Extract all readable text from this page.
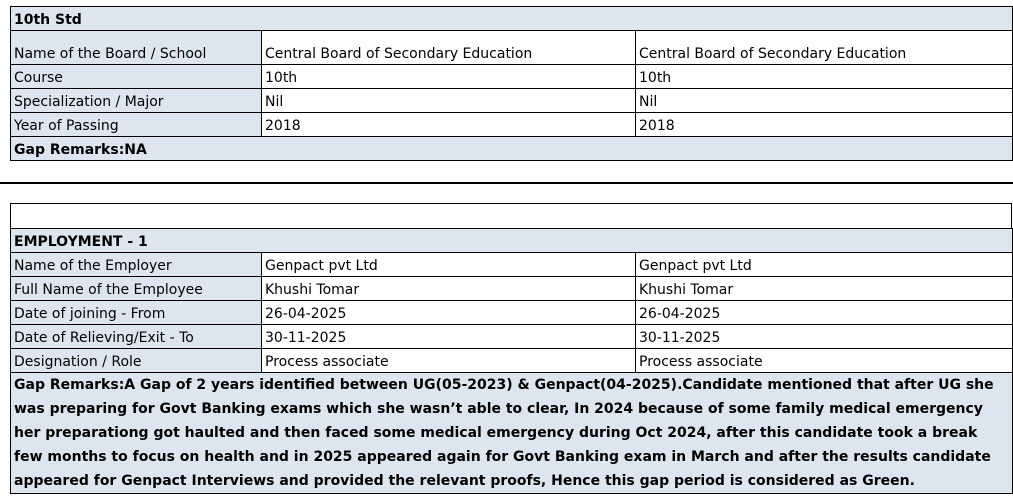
10th Std		
Name of the Board / School	Central Board of Secondary Education	Central Board of Secondary Education
Course	10th	10th
Specialization / Major	Nil	Nil
Year of Passing	2018	2018
Gap Remarks:NA		
EMPLOYMENT - 1		
Name of the Employer	Genpact pvt Ltd	Genpact pvt Ltd
Full Name of the Employee	Khushi Tomar	Khushi Tomar
Date of joining - From	26-04-2025	26-04-2025
Date of Relieving/Exit - To	30-11-2025	30-11-2025
Designation / Role	Process associate	Process associate
Gap Remarks:A Gap of 2 years identified between UG(05-2023) & Genpact(04-2025).Candidate mentioned that after UG she was preparing for Govt Banking exams which she wasn’t able to clear, In 2024 because of some family medical emergency her preparationg got haulted and then faced some medical emergency during Oct 2024, after this candidate took a break few months to focus on health and in 2025 appeared again for Govt Banking exam in March and after the results candidate appeared for Genpact Interviews and provided the relevant proofs, Hence this gap period is considered as Green.		
